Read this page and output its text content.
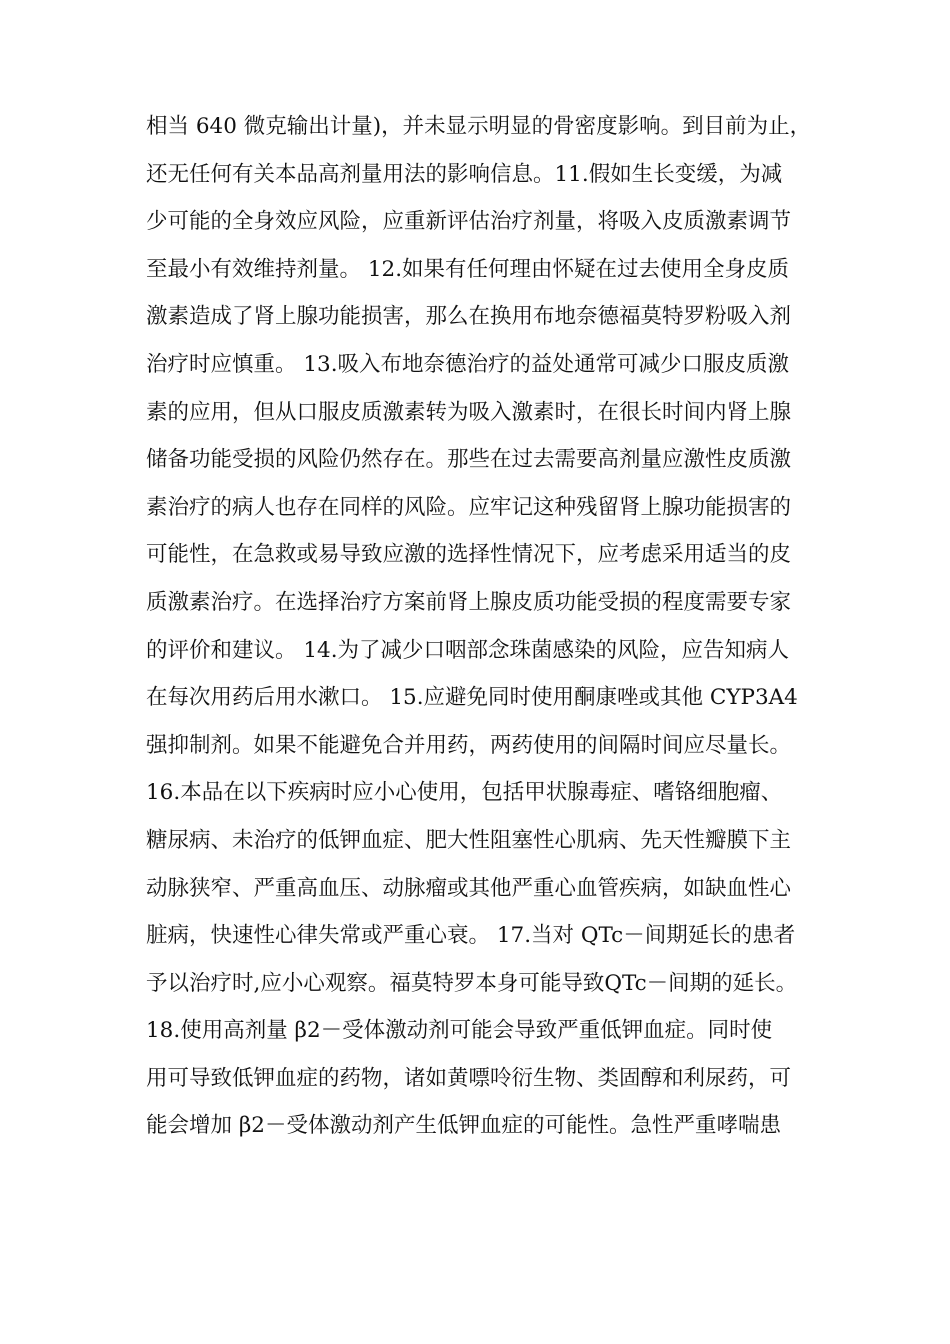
相当 640 微克输出计量)，并未显示明显的骨密度影响。到目前为止，
还无任何有关本品高剂量用法的影响信息。11.假如生长变缓，为减
少可能的全身效应风险，应重新评估治疗剂量，将吸入皮质激素调节
至最小有效维持剂量。 12.如果有任何理由怀疑在过去使用全身皮质
激素造成了肾上腺功能损害，那么在换用布地奈德福莫特罗粉吸入剂
治疗时应慎重。 13.吸入布地奈德治疗的益处通常可减少口服皮质激
素的应用，但从口服皮质激素转为吸入激素时，在很长时间内肾上腺
储备功能受损的风险仍然存在。那些在过去需要高剂量应激性皮质激
素治疗的病人也存在同样的风险。应牢记这种残留肾上腺功能损害的
可能性，在急救或易导致应激的选择性情况下，应考虑采用适当的皮
质激素治疗。在选择治疗方案前肾上腺皮质功能受损的程度需要专家
的评价和建议。 14.为了减少口咽部念珠菌感染的风险，应告知病人
在每次用药后用水漱口。 15.应避免同时使用酮康唑或其他 CYP3A4
强抑制剂。如果不能避免合并用药，两药使用的间隔时间应尽量长。
16.本品在以下疾病时应小心使用，包括甲状腺毒症、嗜铬细胞瘤、
糖尿病、未治疗的低钾血症、肥大性阻塞性心肌病、先天性瓣膜下主
动脉狭窄、严重高血压、动脉瘤或其他严重心血管疾病，如缺血性心
脏病，快速性心律失常或严重心衰。 17.当对 QTc－间期延长的患者
予以治疗时,应小心观察。福莫特罗本身可能导致QTc－间期的延长。
18.使用高剂量 β2－受体激动剂可能会导致严重低钾血症。同时使
用可导致低钾血症的药物，诸如黄嘌呤衍生物、类固醇和利尿药，可
能会增加 β2－受体激动剂产生低钾血症的可能性。急性严重哮喘患
